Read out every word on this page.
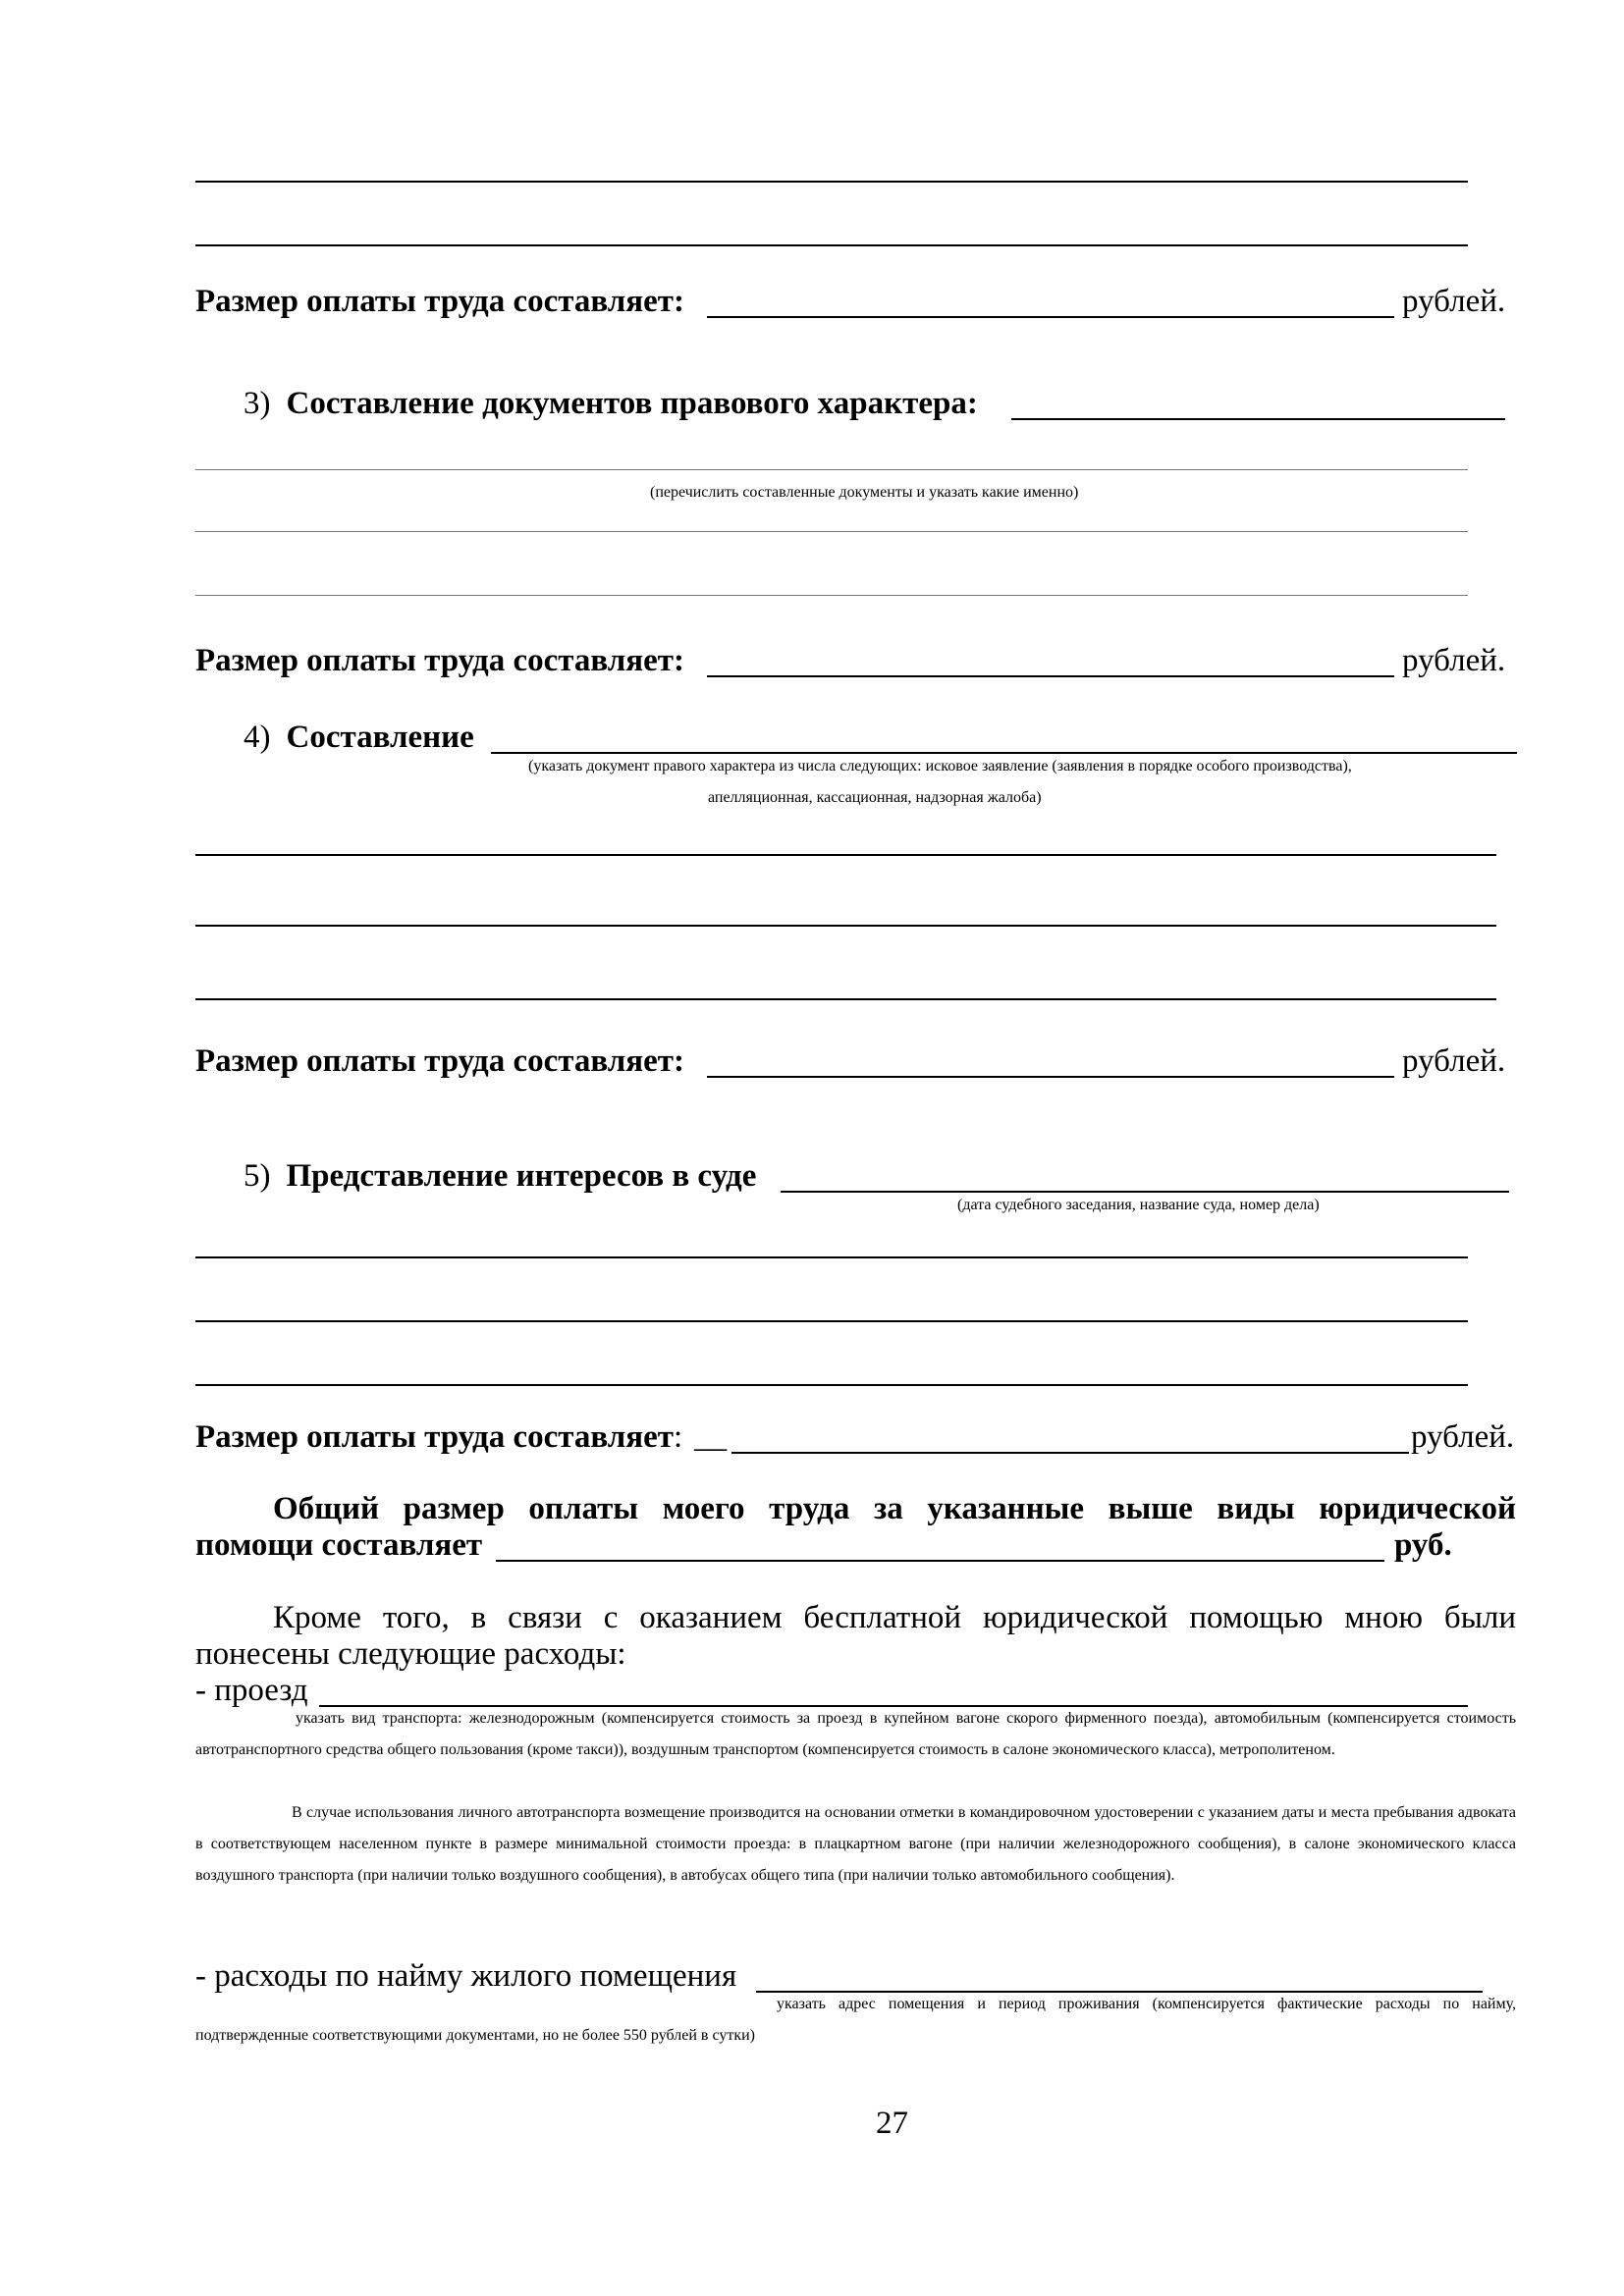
Размер оплаты труда составляет:	рублей.
3) Составление документов правового характера:
(перечислить составленные документы и указать какие именно)
Размер оплаты труда составляет:	рублей.
4) Составление
(указать документ правого характера из числа следующих: исковое заявление (заявления в порядке особого производства),
апелляционная, кассационная, надзорная жалоба)
Размер оплаты труда составляет:	рублей.
5) Представление интересов в суде
(дата судебного заседания, название суда, номер дела)
Размер оплаты труда составляет: __	рублей.
Общий размер оплаты моего труда за указанные выше виды юридической
помощи составляет	руб.
Кроме того, в связи с оказанием бесплатной юридической помощью мною были
понесены следующие расходы:
- проезд
указать вид транспорта: железнодорожным (компенсируется стоимость за проезд в купейном вагоне скорого фирменного поезда), автомобильным (компенсируется стоимость автотранспортного средства общего пользования (кроме такси)), воздушным транспортом (компенсируется стоимость в салоне экономического класса), метрополитеном.
В случае использования личного автотранспорта возмещение производится на основании отметки в командировочном удостоверении с указанием даты и места пребывания адвоката в соответствующем населенном пункте в размере минимальной стоимости проезда: в плацкартном вагоне (при наличии железнодорожного сообщения), в салоне экономического класса воздушного транспорта (при наличии только воздушного сообщения), в автобусах общего типа (при наличии только автомобильного сообщения).
- расходы по найму жилого помещения
указать адрес помещения и период проживания (компенсируется фактические расходы по найму, подтвержденные соответствующими документами, но не более 550 рублей в сутки)
27
